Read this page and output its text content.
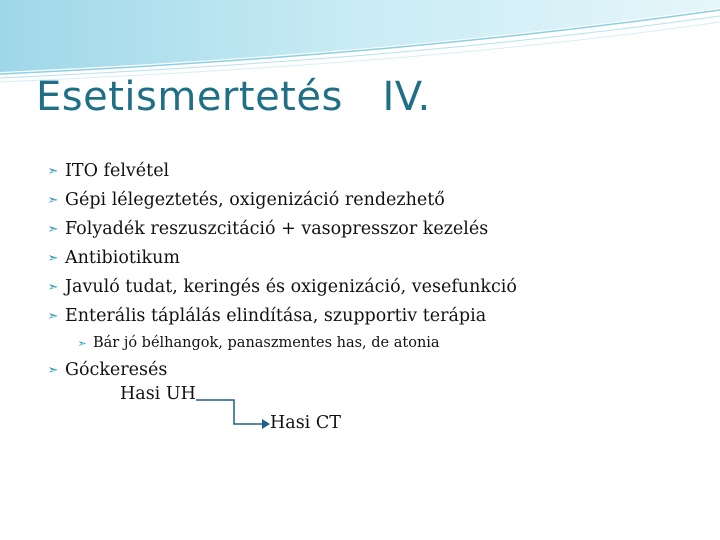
Esetismertetés   IV.
➣ ITO felvétel
➣ Gépi lélegeztetés, oxigenizáció rendezhető
➣ Folyadék reszuszcitáció + vasopresszor kezelés
➣ Antibiotikum
➣ Javuló tudat, keringés és oxigenizáció, vesefunkció
➣ Enterális táplálás elindítása, szupportiv terápia
➣ Bár jó bélhangok, panaszmentes has, de atonia
➣ Góckeresés
Hasi UH
Hasi CT
